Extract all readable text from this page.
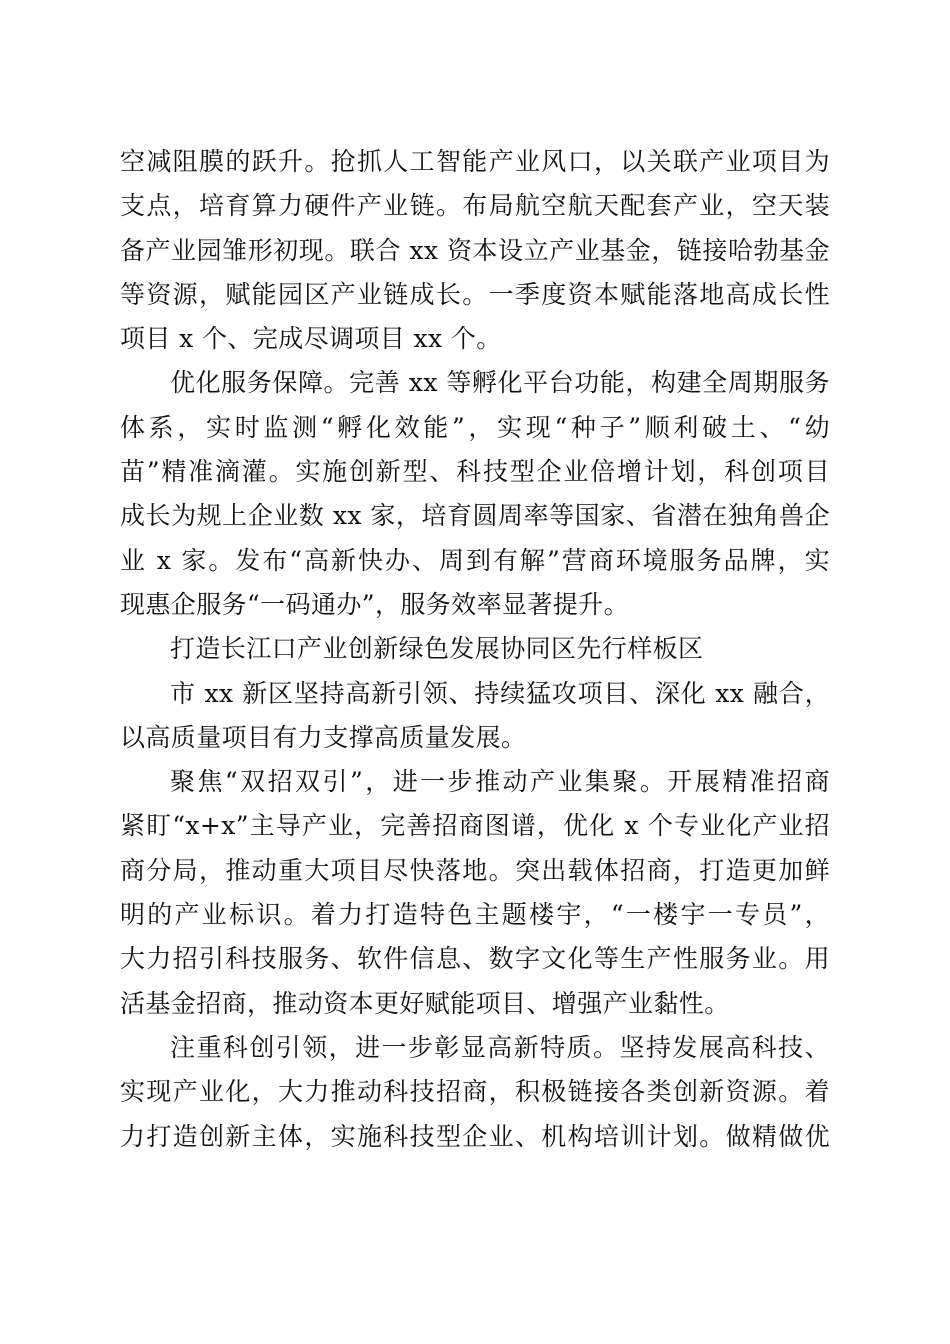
空减阻膜的跃升。抢抓人工智能产业风口，以关联产业项目为
支点，培育算力硬件产业链。布局航空航天配套产业，空天装
备产业园雏形初现。联合 xx 资本设立产业基金，链接哈勃基金
等资源，赋能园区产业链成长。一季度资本赋能落地高成长性
项目 x 个、完成尽调项目 xx 个。

优化服务保障。完善 xx 等孵化平台功能，构建全周期服务
体系，实时监测“孵化效能”，实现“种子”顺利破土、“幼
苗”精准滴灌。实施创新型、科技型企业倍增计划，科创项目
成长为规上企业数 xx 家，培育圆周率等国家、省潜在独角兽企
业 x 家。发布“高新快办、周到有解”营商环境服务品牌，实
现惠企服务“一码通办”，服务效率显著提升。

打造长江口产业创新绿色发展协同区先行样板区

市 xx 新区坚持高新引领、持续猛攻项目、深化 xx 融合，
以高质量项目有力支撑高质量发展。

聚焦“双招双引”，进一步推动产业集聚。开展精准招商
紧盯“x+x”主导产业，完善招商图谱，优化 x 个专业化产业招
商分局，推动重大项目尽快落地。突出载体招商，打造更加鲜
明的产业标识。着力打造特色主题楼宇，“一楼宇一专员”，
大力招引科技服务、软件信息、数字文化等生产性服务业。用
活基金招商，推动资本更好赋能项目、增强产业黏性。

注重科创引领，进一步彰显高新特质。坚持发展高科技、
实现产业化，大力推动科技招商，积极链接各类创新资源。着
力打造创新主体，实施科技型企业、机构培训计划。做精做优
